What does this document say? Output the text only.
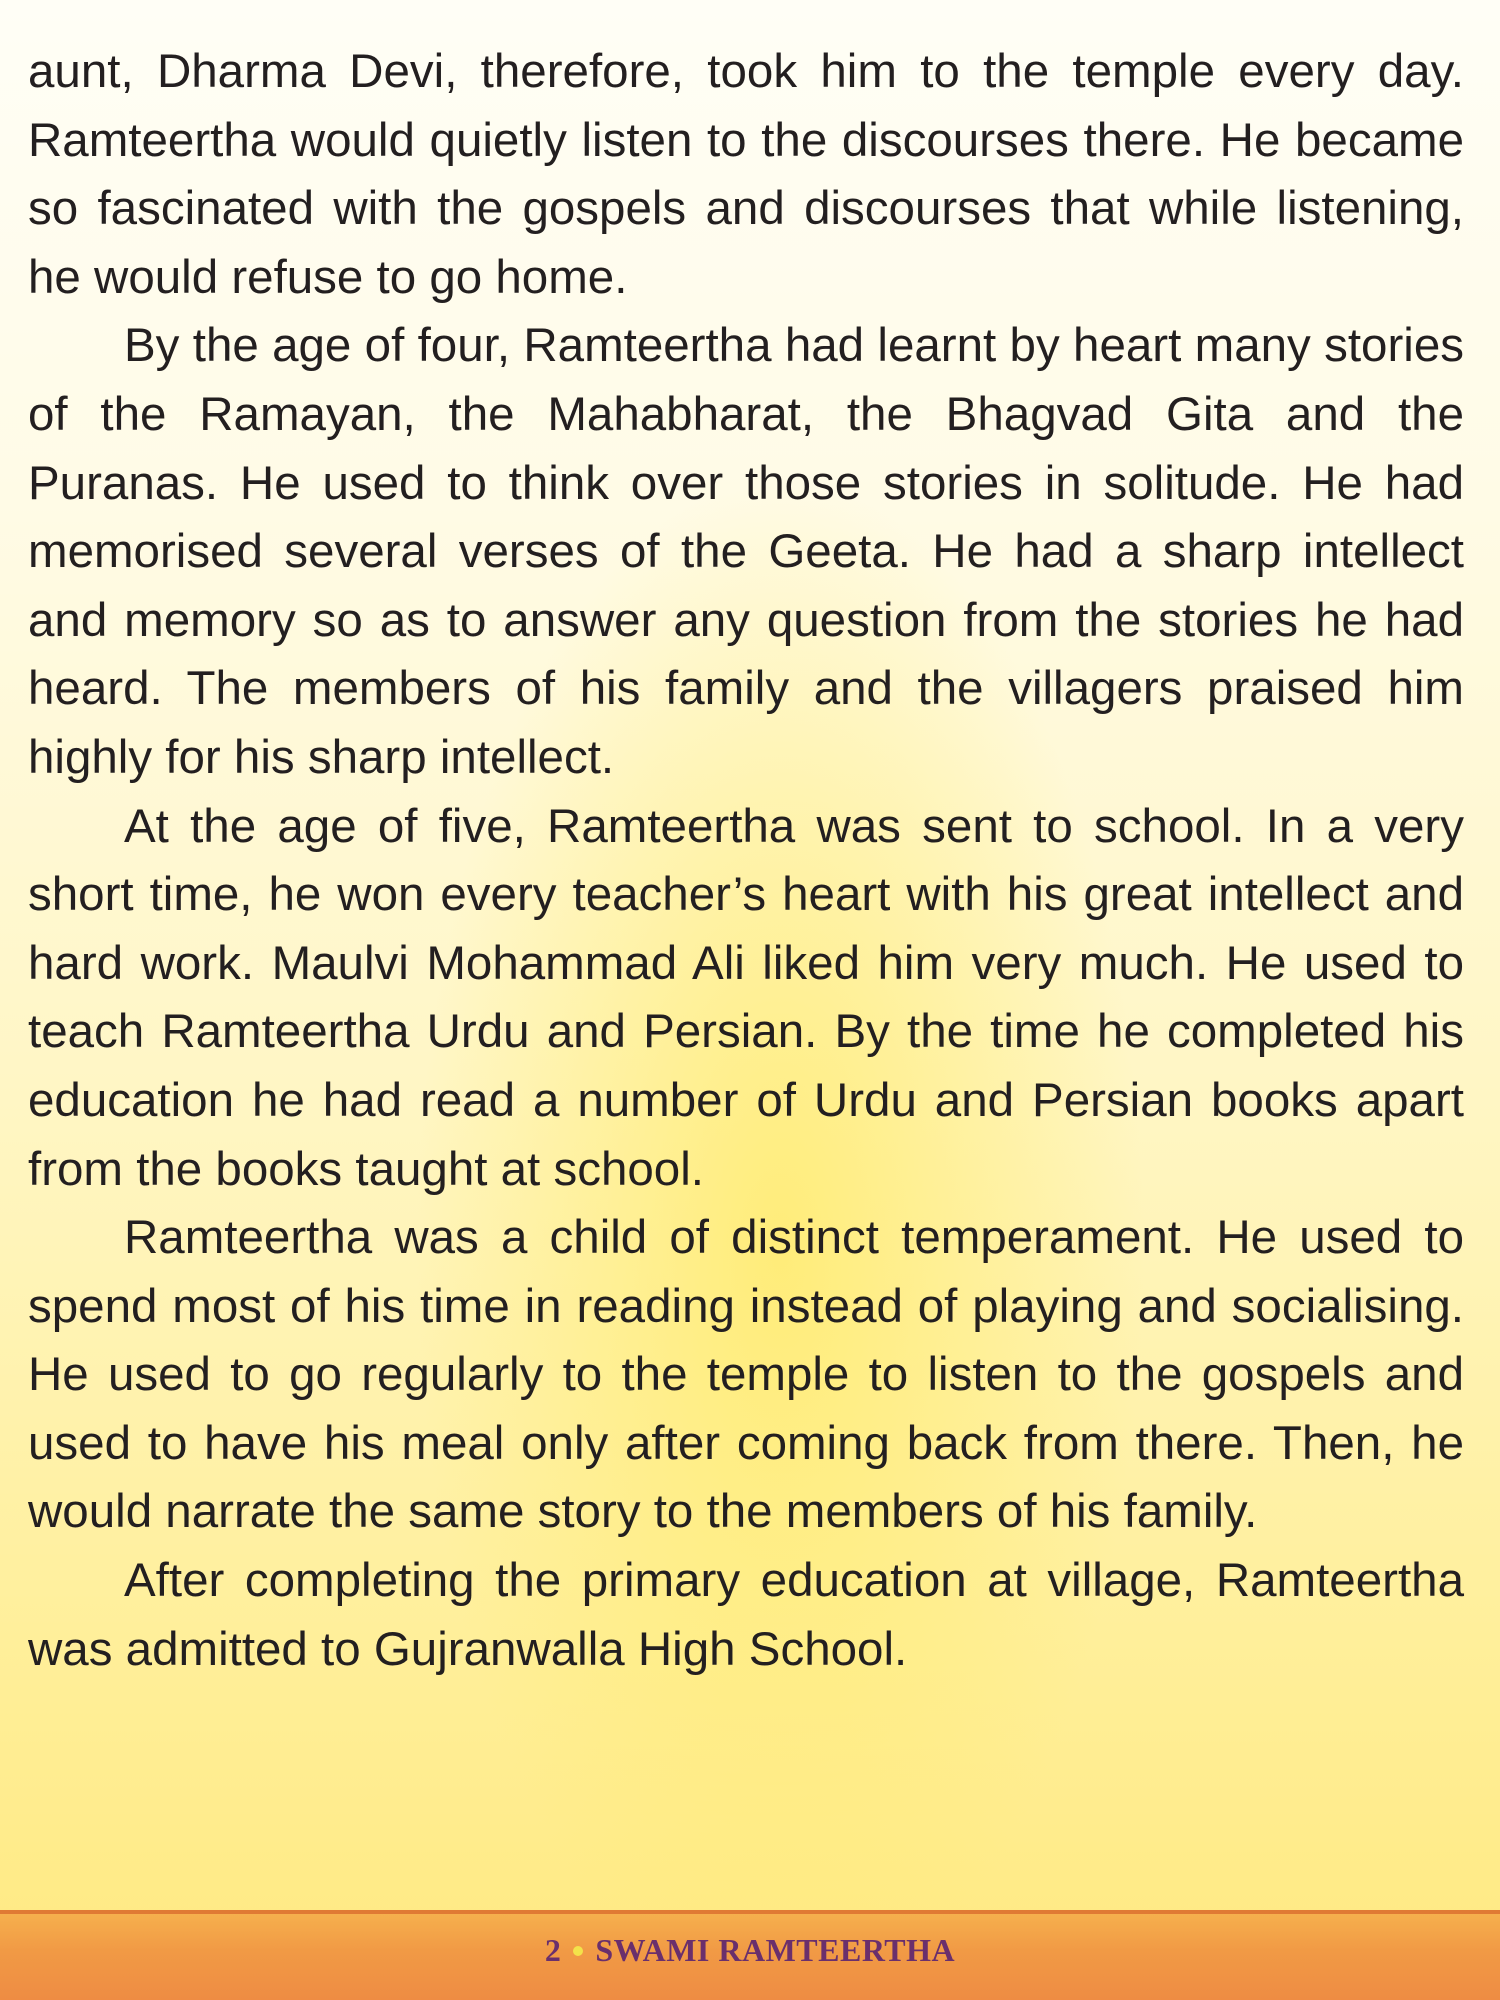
aunt, Dharma Devi, therefore, took him to the temple every day. Ramteertha would quietly listen to the discourses there. He became so fascinated with the gospels and discourses that while listening, he would refuse to go home.

By the age of four, Ramteertha had learnt by heart many stories of the Ramayan, the Mahabharat, the Bhagvad Gita and the Puranas. He used to think over those stories in solitude. He had memorised several verses of the Geeta. He had a sharp intellect and memory so as to answer any question from the stories he had heard. The members of his family and the villagers praised him highly for his sharp intellect.

At the age of five, Ramteertha was sent to school. In a very short time, he won every teacher’s heart with his great intellect and hard work. Maulvi Mohammad Ali liked him very much. He used to teach Ramteertha Urdu and Persian. By the time he completed his education he had read a number of Urdu and Persian books apart from the books taught at school.

Ramteertha was a child of distinct temperament. He used to spend most of his time in reading instead of playing and socialising. He used to go regularly to the temple to listen to the gospels and used to have his meal only after coming back from there. Then, he would narrate the same story to the members of his family.

After completing the primary education at village, Ramteertha was admitted to Gujranwalla High School.

2 SWAMI RAMTEERTHA
